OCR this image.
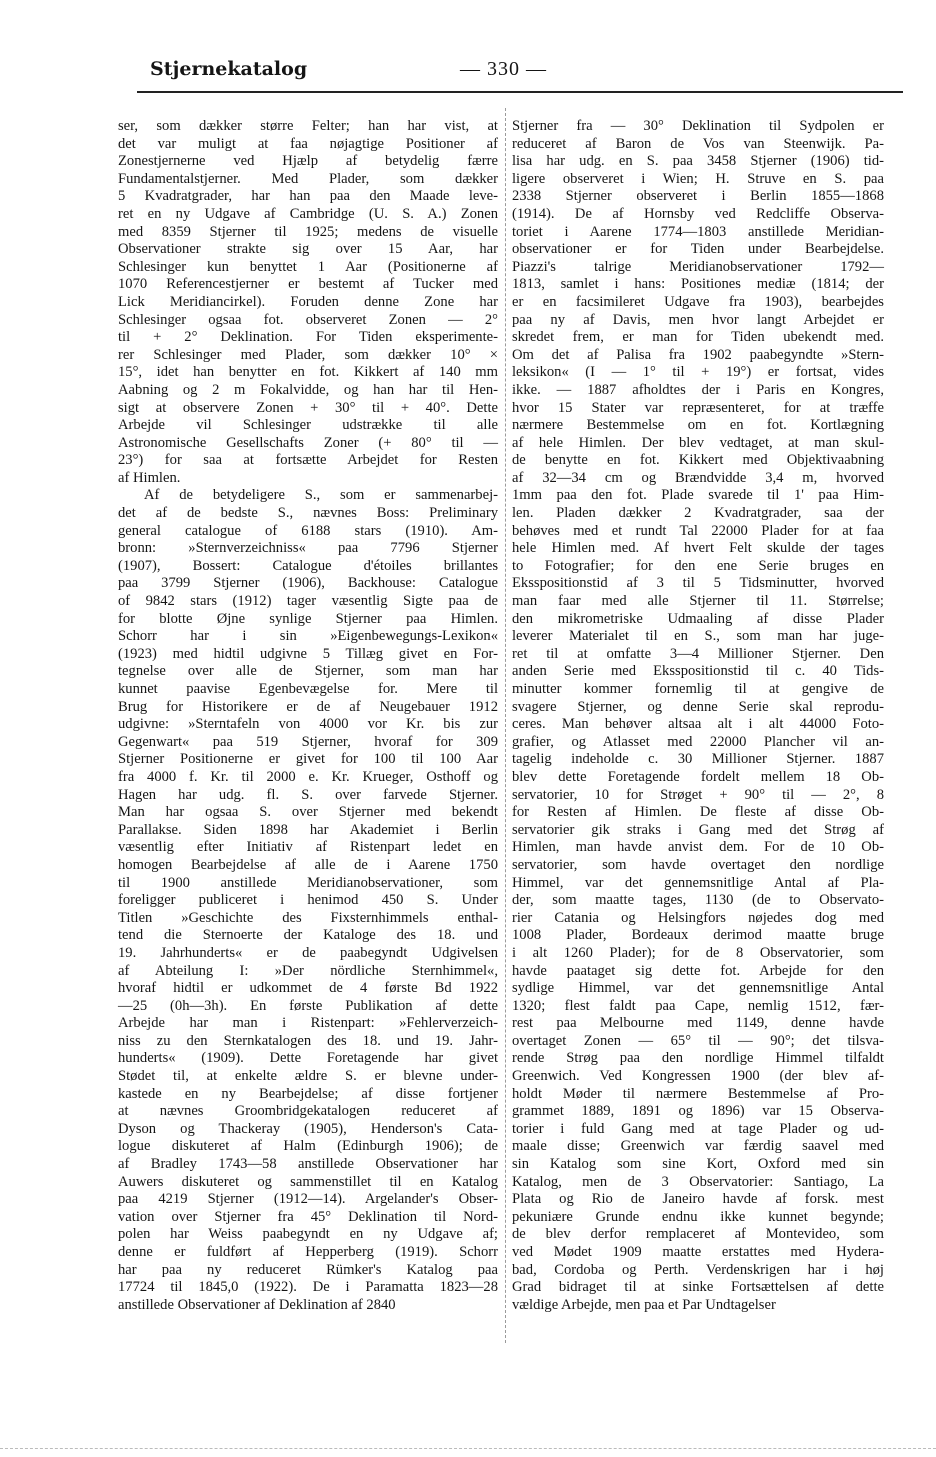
Stjernekatalog	— 330 —
ser, som dækker større Felter; han har vist, at
det var muligt at faa nøjagtige Positioner af
Zonestjernerne ved Hjælp af betydelig færre
Fundamentalstjerner. Med Plader, som dækker
5 Kvadratgrader, har han paa den Maade leve-
ret en ny Udgave af Cambridge (U. S. A.) Zonen
med 8359 Stjerner til 1925; medens de visuelle
Observationer strakte sig over 15 Aar, har
Schlesinger kun benyttet 1 Aar (Positionerne af
1070 Referencestjerner er bestemt af Tucker med
Lick Meridiancirkel). Foruden denne Zone har
Schlesinger ogsaa fot. observeret Zonen — 2°
til + 2° Deklination. For Tiden eksperimente-
rer Schlesinger med Plader, som dækker 10° ×
15°, idet han benytter en fot. Kikkert af 140 mm
Aabning og 2 m Fokalvidde, og han har til Hen-
sigt at observere Zonen + 30° til + 40°. Dette
Arbejde vil Schlesinger udstrække til alle
Astronomische Gesellschafts Zoner (+ 80° til —
23°) for saa at fortsætte Arbejdet for Resten
af Himlen.
Af de betydeligere S., som er sammenarbej-
det af de bedste S., nævnes Boss: Preliminary
general catalogue of 6188 stars (1910). Am-
bronn: »Sternverzeichniss« paa 7796 Stjerner
(1907), Bossert: Catalogue d'étoiles brillantes
paa 3799 Stjerner (1906), Backhouse: Catalogue
of 9842 stars (1912) tager væsentlig Sigte paa de
for blotte Øjne synlige Stjerner paa Himlen.
Schorr har i sin »Eigenbewegungs-Lexikon«
(1923) med hidtil udgivne 5 Tillæg givet en For-
tegnelse over alle de Stjerner, som man har
kunnet paavise Egenbevægelse for. Mere til
Brug for Historikere er de af Neugebauer 1912
udgivne: »Sterntafeln von 4000 vor Kr. bis zur
Gegenwart« paa 519 Stjerner, hvoraf for 309
Stjerner Positionerne er givet for 100 til 100 Aar
fra 4000 f. Kr. til 2000 e. Kr. Krueger, Osthoff og
Hagen har udg. fl. S. over farvede Stjerner.
Man har ogsaa S. over Stjerner med bekendt
Parallakse. Siden 1898 har Akademiet i Berlin
væsentlig efter Initiativ af Ristenpart ledet en
homogen Bearbejdelse af alle de i Aarene 1750
til 1900 anstillede Meridianobservationer, som
foreligger publiceret i henimod 450 S. Under
Titlen »Geschichte des Fixsternhimmels enthal-
tend die Sternoerte der Kataloge des 18. und
19. Jahrhunderts« er de paabegyndt Udgivelsen
af Abteilung I: »Der nördliche Sternhimmel«,
hvoraf hidtil er udkommet de 4 første Bd 1922
—25 (0h—3h). En første Publikation af dette
Arbejde har man i Ristenpart: »Fehlerverzeich-
niss zu den Sternkatalogen des 18. und 19. Jahr-
hunderts« (1909). Dette Foretagende har givet
Stødet til, at enkelte ældre S. er blevne under-
kastede en ny Bearbejdelse; af disse fortjener
at nævnes Groombridgekatalogen reduceret af
Dyson og Thackeray (1905), Henderson's Cata-
logue diskuteret af Halm (Edinburgh 1906); de
af Bradley 1743—58 anstillede Observationer har
Auwers diskuteret og sammenstillet til en Katalog
paa 4219 Stjerner (1912—14). Argelander's Obser-
vation over Stjerner fra 45° Deklination til Nord-
polen har Weiss paabegyndt en ny Udgave af;
denne er fuldført af Hepperberg (1919). Schorr
har paa ny reduceret Rümker's Katalog paa
17724 til 1845,0 (1922). De i Paramatta 1823—28
anstillede Observationer af Deklination af 2840
Stjerner fra — 30° Deklination til Sydpolen er
reduceret af Baron de Vos van Steenwijk. Pa-
lisa har udg. en S. paa 3458 Stjerner (1906) tid-
ligere observeret i Wien; H. Struve en S. paa
2338 Stjerner observeret i Berlin 1855—1868
(1914). De af Hornsby ved Redcliffe Observa-
toriet i Aarene 1774—1803 anstillede Meridian-
observationer er for Tiden under Bearbejdelse.
Piazzi's talrige Meridianobservationer 1792—
1813, samlet i hans: Positiones mediæ (1814; der
er en facsimileret Udgave fra 1903), bearbejdes
paa ny af Davis, men hvor langt Arbejdet er
skredet frem, er man for Tiden ubekendt med.
Om det af Palisa fra 1902 paabegyndte »Stern-
leksikon« (I — 1° til + 19°) er fortsat, vides
ikke. — 1887 afholdtes der i Paris en Kongres,
hvor 15 Stater var repræsenteret, for at træffe
nærmere Bestemmelse om en fot. Kortlægning
af hele Himlen. Der blev vedtaget, at man skul-
de benytte en fot. Kikkert med Objektivaabning
af 32—34 cm og Brændvidde 3,4 m, hvorved
1mm paa den fot. Plade svarede til 1' paa Him-
len. Pladen dækker 2 Kvadratgrader, saa der
behøves med et rundt Tal 22000 Plader for at faa
hele Himlen med. Af hvert Felt skulde der tages
to Fotografier; for den ene Serie bruges en
Eksspositionstid af 3 til 5 Tidsminutter, hvorved
man faar med alle Stjerner til 11. Størrelse;
den mikrometriske Udmaaling af disse Plader
leverer Materialet til en S., som man har juge-
ret til at omfatte 3—4 Millioner Stjerner. Den
anden Serie med Eksspositionstid til c. 40 Tids-
minutter kommer fornemlig til at gengive de
svagere Stjerner, og denne Serie skal reprodu-
ceres. Man behøver altsaa alt i alt 44000 Foto-
grafier, og Atlasset med 22000 Plancher vil an-
tagelig indeholde c. 30 Millioner Stjerner. 1887
blev dette Foretagende fordelt mellem 18 Ob-
servatorier, 10 for Strøget + 90° til — 2°, 8
for Resten af Himlen. De fleste af disse Ob-
servatorier gik straks i Gang med det Strøg af
Himlen, man havde anvist dem. For de 10 Ob-
servatorier, som havde overtaget den nordlige
Himmel, var det gennemsnitlige Antal af Pla-
der, som maatte tages, 1130 (de to Observato-
rier Catania og Helsingfors nøjedes dog med
1008 Plader, Bordeaux derimod maatte bruge
i alt 1260 Plader); for de 8 Observatorier, som
havde paataget sig dette fot. Arbejde for den
sydlige Himmel, var det gennemsnitlige Antal
1320; flest faldt paa Cape, nemlig 1512, fær-
rest paa Melbourne med 1149, denne havde
overtaget Zonen — 65° til — 90°; det tilsva-
rende Strøg paa den nordlige Himmel tilfaldt
Greenwich. Ved Kongressen 1900 (der blev af-
holdt Møder til nærmere Bestemmelse af Pro-
grammet 1889, 1891 og 1896) var 15 Observa-
torier i fuld Gang med at tage Plader og ud-
maale disse; Greenwich var færdig saavel med
sin Katalog som sine Kort, Oxford med sin
Katalog, men de 3 Observatorier: Santiago, La
Plata og Rio de Janeiro havde af forsk. mest
pekuniære Grunde endnu ikke kunnet begynde;
de blev derfor remplaceret af Montevideo, som
ved Mødet 1909 maatte erstattes med Hydera-
bad, Cordoba og Perth. Verdenskrigen har i høj
Grad bidraget til at sinke Fortsættelsen af dette
vældige Arbejde, men paa et Par Undtagelser
